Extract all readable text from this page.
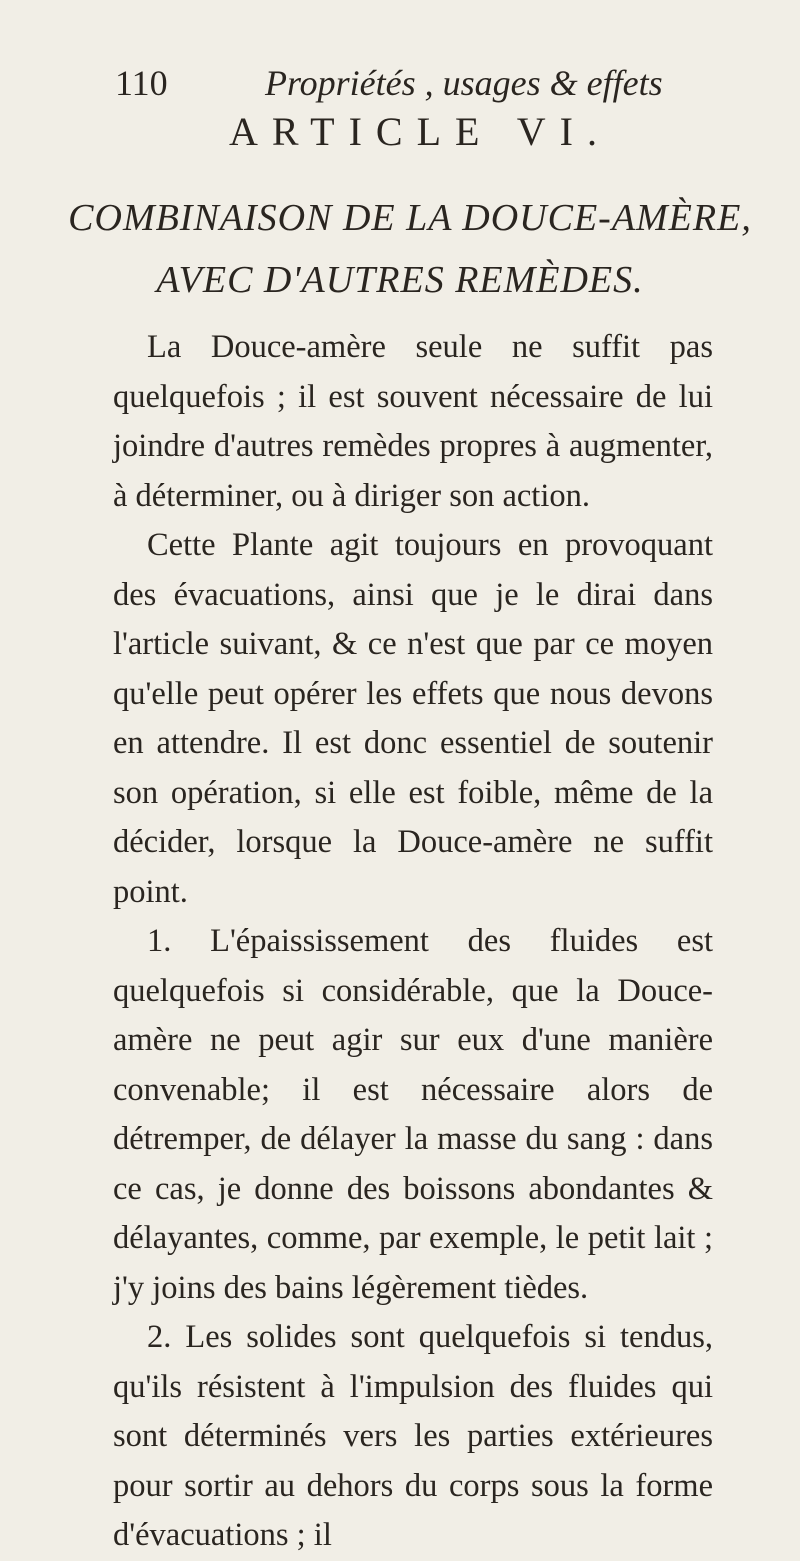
110	Propriétés , usages & effets
ARTICLE VI.
COMBINAISON DE LA DOUCE-AMÈRE,
AVEC D'AUTRES REMÈDES.

La Douce-amère seule ne suffit pas quelquefois ; il est souvent nécessaire de lui joindre d'autres remèdes propres à augmenter, à déterminer, ou à diriger son action.

Cette Plante agit toujours en provoquant des évacuations, ainsi que je le dirai dans l'article suivant, & ce n'est que par ce moyen qu'elle peut opérer les effets que nous devons en attendre. Il est donc essentiel de soutenir son opération, si elle est foible, même de la décider, lorsque la Douce-amère ne suffit point.

1. L'épaississement des fluides est quelquefois si considérable, que la Douce-amère ne peut agir sur eux d'une manière convenable; il est nécessaire alors de détremper, de délayer la masse du sang : dans ce cas, je donne des boissons abondantes & délayantes, comme, par exemple, le petit lait ; j'y joins des bains légèrement tièdes.

2. Les solides sont quelquefois si tendus, qu'ils résistent à l'impulsion des fluides qui sont déterminés vers les parties extérieures pour sortir au dehors du corps sous la forme d'évacuations ; il
